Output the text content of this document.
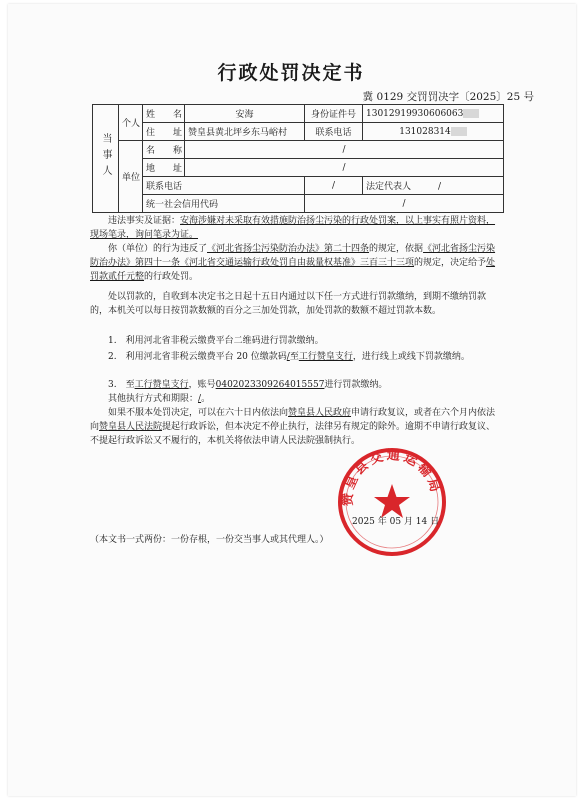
行政处罚决定书
冀 0129 交罚罚决字〔2025〕25 号
当事人	个人	姓　　名	安海	身份证件号	13012919930606063
		住　　址	赞皇县黄北坪乡东马峪村	联系电话	131028314
	单位	名　　称	/		
		地　　址	/		
		联系电话		/	法定代表人　　　 /
		统一社会信用代码		/	
违法事实及证据：安海涉嫌对未采取有效措施防治扬尘污染的行政处罚案，以上事实有照片资料，现场笔录，询问笔录为证。
你（单位）的行为违反了《河北省扬尘污染防治办法》第二十四条的规定，依据《河北省扬尘污染防治办法》第四十一条《河北省交通运输行政处罚自由裁量权基准》三百三十三项的规定，决定给予处罚款贰仟元整的行政处罚。
处以罚款的，自收到本决定书之日起十五日内通过以下任一方式进行罚款缴纳，到期不缴纳罚款的，本机关可以每日按罚款数额的百分之三加处罚款，加处罚款的数额不超过罚款本数。
1.　利用河北省非税云缴费平台二维码进行罚款缴纳。
2.　利用河北省非税云缴费平台 20 位缴款码/至工行赞皇支行，进行线上或线下罚款缴纳。
3.　至工行赞皇支行，账号0402023309264015557进行罚款缴纳。
其他执行方式和期限：/。
如果不服本处罚决定，可以在六十日内依法向赞皇县人民政府申请行政复议，或者在六个月内依法向赞皇县人民法院提起行政诉讼，但本决定不停止执行，法律另有规定的除外。逾期不申请行政复议、不提起行政诉讼又不履行的，本机关将依法申请人民法院强制执行。
赞皇县交通运输局
2025 年 05 月 14 日
（本文书一式两份：一份存根，一份交当事人或其代理人。）
